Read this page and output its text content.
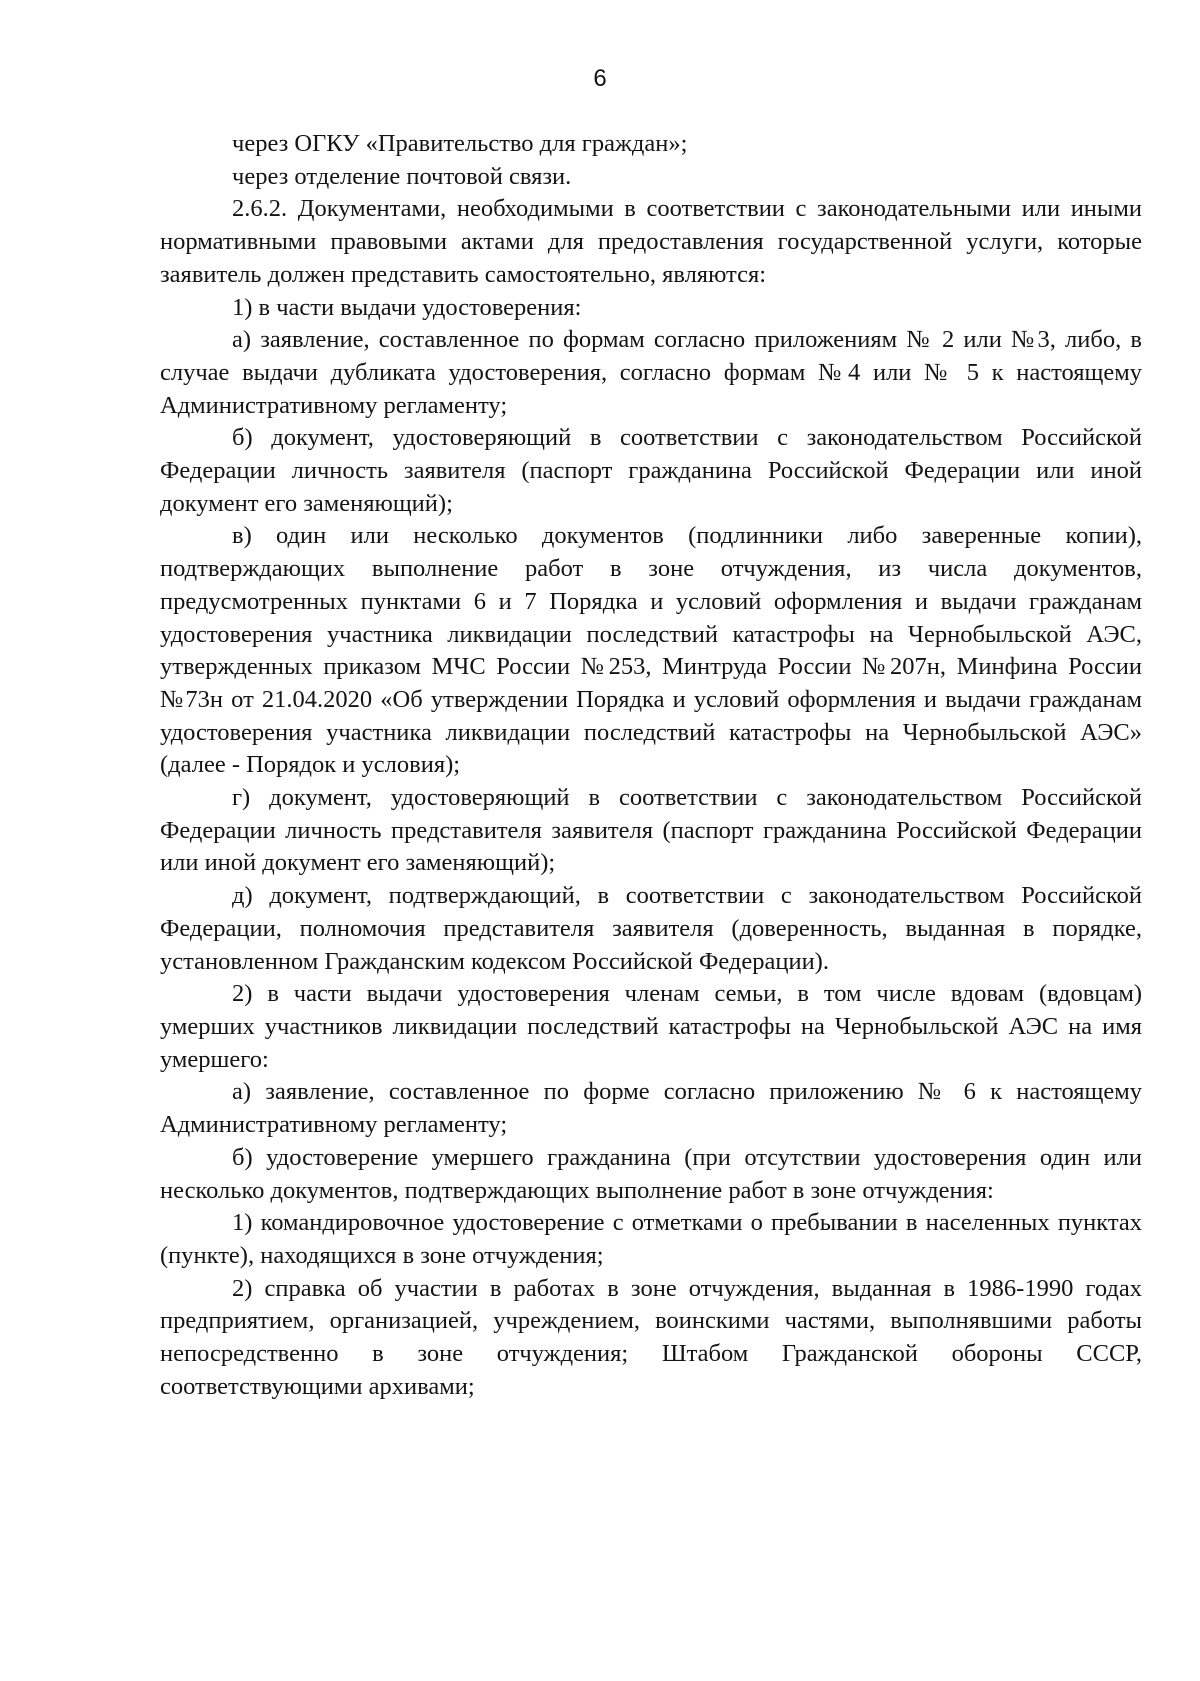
6

через ОГКУ «Правительство для граждан»;

через отделение почтовой связи.

2.6.2. Документами, необходимыми в соответствии с законодательными или иными нормативными правовыми актами для предоставления государственной услуги, которые заявитель должен представить самостоятельно, являются:

1) в части выдачи удостоверения:

а) заявление, составленное по формам согласно приложениям № 2 или №3, либо, в случае выдачи дубликата удостоверения, согласно формам №4 или № 5 к настоящему Административному регламенту;

б) документ, удостоверяющий в соответствии с законодательством Российской Федерации личность заявителя (паспорт гражданина Российской Федерации или иной документ его заменяющий);

в) один или несколько документов (подлинники либо заверенные копии), подтверждающих выполнение работ в зоне отчуждения, из числа документов, предусмотренных пунктами 6 и 7 Порядка и условий оформления и выдачи гражданам удостоверения участника ликвидации последствий катастрофы на Чернобыльской АЭС, утвержденных приказом МЧС России №253, Минтруда России №207н, Минфина России №73н от 21.04.2020 «Об утверждении Порядка и условий оформления и выдачи гражданам удостоверения участника ликвидации последствий катастрофы на Чернобыльской АЭС» (далее - Порядок и условия);

г) документ, удостоверяющий в соответствии с законодательством Российской Федерации личность представителя заявителя (паспорт гражданина Российской Федерации или иной документ его заменяющий);

д) документ, подтверждающий, в соответствии с законодательством Российской Федерации, полномочия представителя заявителя (доверенность, выданная в порядке, установленном Гражданским кодексом Российской Федерации).

2) в части выдачи удостоверения членам семьи, в том числе вдовам (вдовцам) умерших участников ликвидации последствий катастрофы на Чернобыльской АЭС на имя умершего:

а) заявление, составленное по форме согласно приложению № 6 к настоящему Административному регламенту;

б) удостоверение умершего гражданина (при отсутствии удостоверения один или несколько документов, подтверждающих выполнение работ в зоне отчуждения:

1) командировочное удостоверение с отметками о пребывании в населенных пунктах (пункте), находящихся в зоне отчуждения;

2) справка об участии в работах в зоне отчуждения, выданная в 1986-1990 годах предприятием, организацией, учреждением, воинскими частями, выполнявшими работы непосредственно в зоне отчуждения; Штабом Гражданской обороны СССР, соответствующими архивами;
